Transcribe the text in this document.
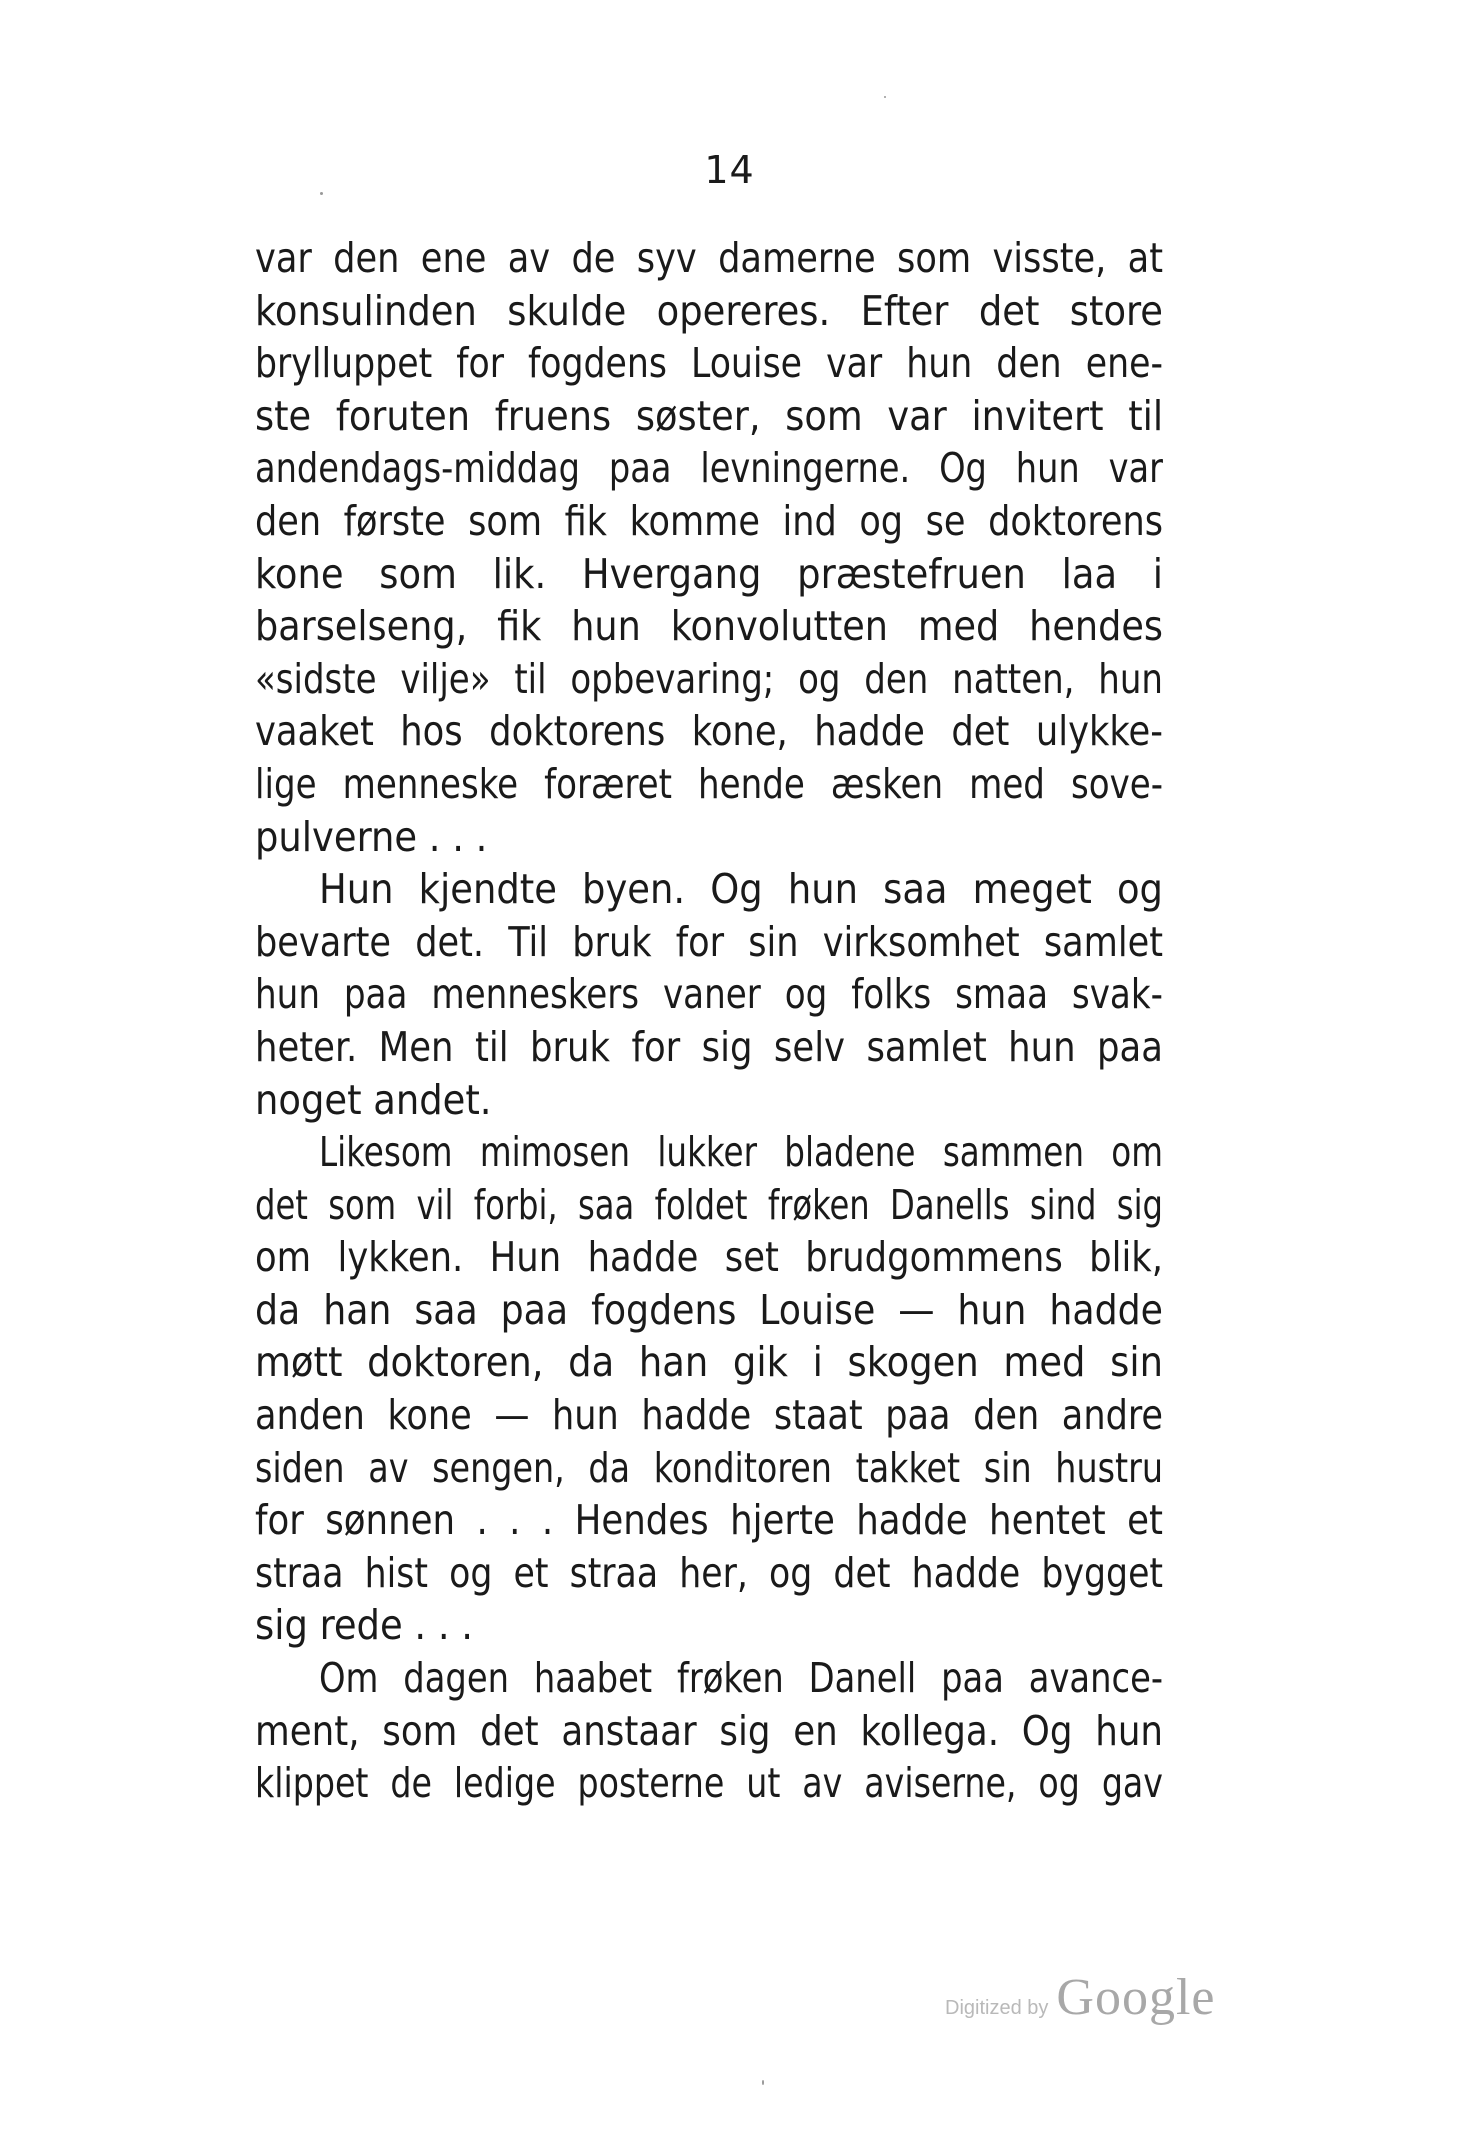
14
var den ene av de syv damerne som visste, at
konsulinden skulde opereres. Efter det store
brylluppet for fogdens Louise var hun den ene-
ste foruten fruens søster, som var invitert til
andendags-middag paa levningerne. Og hun var
den første som fik komme ind og se doktorens
kone som lik. Hvergang præstefruen laa i
barselseng, fik hun konvolutten med hendes
«sidste vilje» til opbevaring; og den natten, hun
vaaket hos doktorens kone, hadde det ulykke-
lige menneske foræret hende æsken med sove-
pulverne . . .
Hun kjendte byen. Og hun saa meget og
bevarte det. Til bruk for sin virksomhet samlet
hun paa menneskers vaner og folks smaa svak-
heter. Men til bruk for sig selv samlet hun paa
noget andet.
Likesom mimosen lukker bladene sammen om
det som vil forbi, saa foldet frøken Danells sind sig
om lykken. Hun hadde set brudgommens blik,
da han saa paa fogdens Louise — hun hadde
møtt doktoren, da han gik i skogen med sin
anden kone — hun hadde staat paa den andre
siden av sengen, da konditoren takket sin hustru
for sønnen . . . Hendes hjerte hadde hentet et
straa hist og et straa her, og det hadde bygget
sig rede . . .
Om dagen haabet frøken Danell paa avance-
ment, som det anstaar sig en kollega. Og hun
klippet de ledige posterne ut av aviserne, og gav
Digitized by Google
